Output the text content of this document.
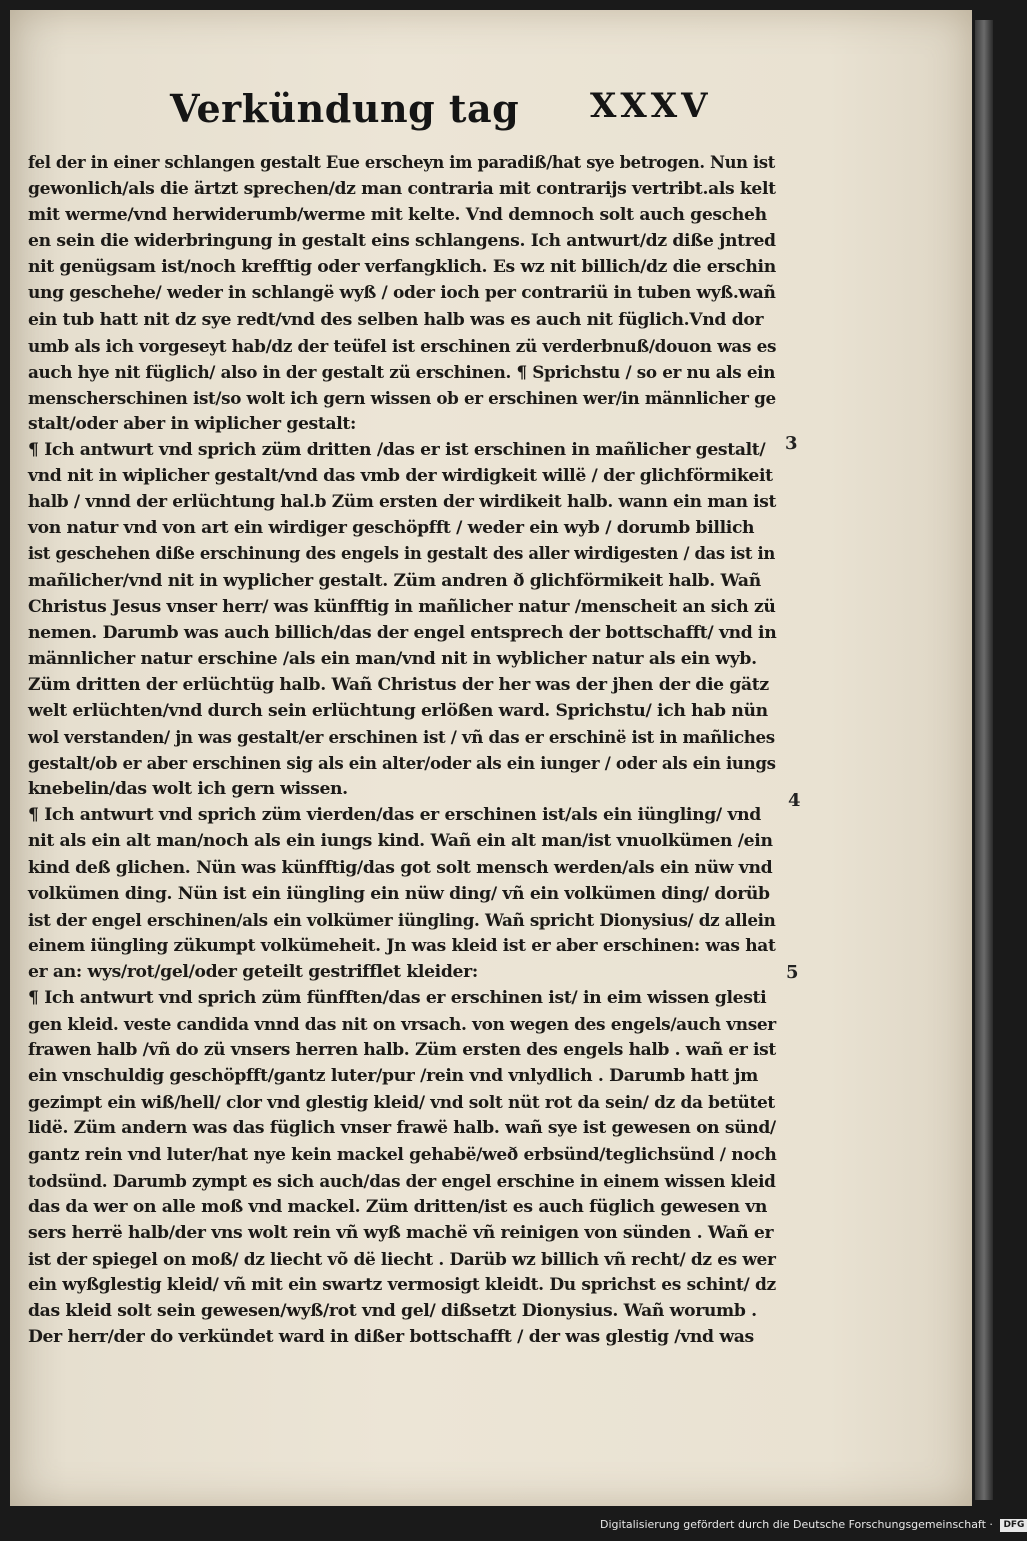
Verkündung tag XXXV
fel der in einer schlangen gestalt Eue erscheyn im paradiß/hat sye betrogen. Nun ist
gewonlich/als die ärtzt sprechen/dz man contraria mit contrarijs vertribt.als kelt
mit werme/vnd herwiderumb/werme mit kelte. Vnd demnoch solt auch gescheh
en sein die widerbringung in gestalt eins schlangens. Ich antwurt/dz diße jntred
nit genügsam ist/noch krefftig oder verfangklich. Es wz nit billich/dz die erschin
ung geschehe/ weder in schlangë wyß / oder ioch per contrariü in tuben wyß.wañ
ein tub hatt nit dz sye redt/vnd des selben halb was es auch nit füglich.Vnd dor
umb als ich vorgeseyt hab/dz der teüfel ist erschinen zü verderbnuß/douon was es
auch hye nit füglich/ also in der gestalt zü erschinen. ¶ Sprichstu / so er nu als ein
menscherschinen ist/so wolt ich gern wissen ob er erschinen wer/in männlicher ge
stalt/oder aber in wiplicher gestalt:
¶ Ich antwurt vnd sprich züm dritten /das er ist erschinen in mañlicher gestalt/
vnd nit in wiplicher gestalt/vnd das vmb der wirdigkeit willë / der glichförmikeit
halb / vnnd der erlüchtung hal.b Züm ersten der wirdikeit halb. wann ein man ist
von natur vnd von art ein wirdiger geschöpfft / weder ein wyb / dorumb billich
ist geschehen diße erschinung des engels in gestalt des aller wirdigesten / das ist in
mañlicher/vnd nit in wyplicher gestalt. Züm andren ð glichförmikeit halb. Wañ
Christus Jesus vnser herr/ was künfftig in mañlicher natur /menscheit an sich zü
nemen. Darumb was auch billich/das der engel entsprech der bottschafft/ vnd in
männlicher natur erschine /als ein man/vnd nit in wyblicher natur als ein wyb.
Züm dritten der erlüchtüg halb. Wañ Christus der her was der jhen der die gätz
welt erlüchten/vnd durch sein erlüchtung erlößen ward. Sprichstu/ ich hab nün
wol verstanden/ jn was gestalt/er erschinen ist / vñ das er erschinë ist in mañliches
gestalt/ob er aber erschinen sig als ein alter/oder als ein iunger / oder als ein iungs
knebelin/das wolt ich gern wissen.
¶ Ich antwurt vnd sprich züm vierden/das er erschinen ist/als ein iüngling/ vnd
nit als ein alt man/noch als ein iungs kind. Wañ ein alt man/ist vnuolkümen /ein
kind deß glichen. Nün was künfftig/das got solt mensch werden/als ein nüw vnd
volkümen ding. Nün ist ein iüngling ein nüw ding/ vñ ein volkümen ding/ dorüb
ist der engel erschinen/als ein volkümer iüngling. Wañ spricht Dionysius/ dz allein
einem iüngling zükumpt volkümeheit. Jn was kleid ist er aber erschinen: was hat
er an: wys/rot/gel/oder geteilt gestrifflet kleider:
¶ Ich antwurt vnd sprich züm fünfften/das er erschinen ist/ in eim wissen glesti
gen kleid. veste candida vnnd das nit on vrsach. von wegen des engels/auch vnser
frawen halb /vñ do zü vnsers herren halb. Züm ersten des engels halb . wañ er ist
ein vnschuldig geschöpfft/gantz luter/pur /rein vnd vnlydlich . Darumb hatt jm
gezimpt ein wiß/hell/ clor vnd glestig kleid/ vnd solt nüt rot da sein/ dz da betütet
lidë. Züm andern was das füglich vnser frawë halb. wañ sye ist gewesen on sünd/
gantz rein vnd luter/hat nye kein mackel gehabë/weð erbsünd/teglichsünd / noch
todsünd. Darumb zympt es sich auch/das der engel erschine in einem wissen kleid
das da wer on alle moß vnd mackel. Züm dritten/ist es auch füglich gewesen vn
sers herrë halb/der vns wolt rein vñ wyß machë vñ reinigen von sünden . Wañ er
ist der spiegel on moß/ dz liecht võ dë liecht . Darüb wz billich vñ recht/ dz es wer
ein wyßglestig kleid/ vñ mit ein swartz vermosigt kleidt. Du sprichst es schint/ dz
das kleid solt sein gewesen/wyß/rot vnd gel/ dißsetzt Dionysius. Wañ worumb .
Der herr/der do verkündet ward in dißer bottschafft / der was glestig /vnd was
3
4
5
Digitalisierung gefördert durch die Deutsche Forschungsgemeinschaft · DFG
